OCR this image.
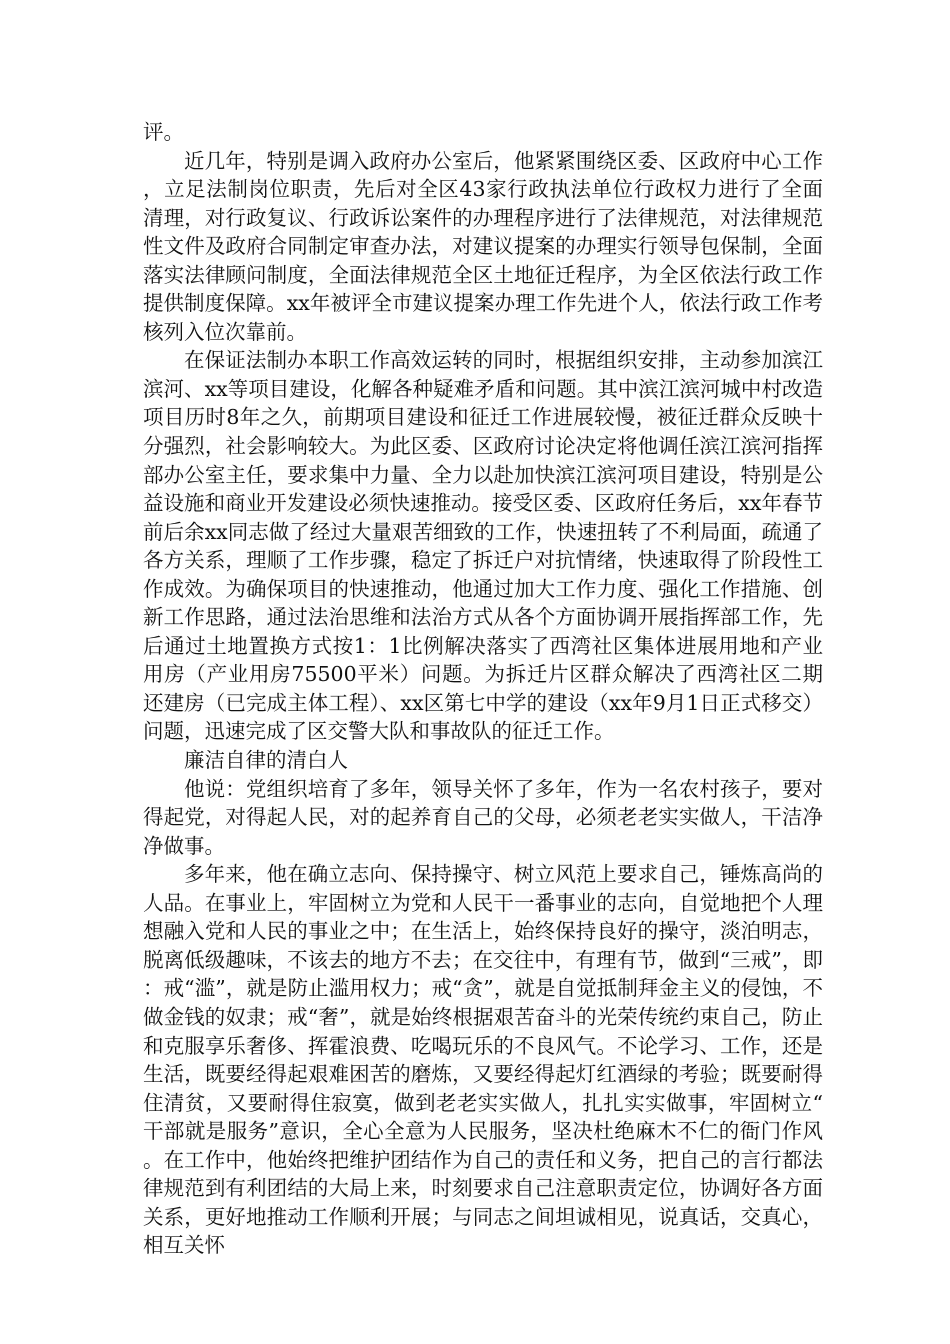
评。

近几年，特别是调入政府办公室后，他紧紧围绕区委、区政府中心工作，立足法制岗位职责，先后对全区43家行政执法单位行政权力进行了全面清理，对行政复议、行政诉讼案件的办理程序进行了法律规范，对法律规范性文件及政府合同制定审查办法，对建议提案的办理实行领导包保制，全面落实法律顾问制度，全面法律规范全区土地征迁程序，为全区依法行政工作提供制度保障。xx年被评全市建议提案办理工作先进个人，依法行政工作考核列入位次靠前。

在保证法制办本职工作高效运转的同时，根据组织安排，主动参加滨江滨河、xx等项目建设，化解各种疑难矛盾和问题。其中滨江滨河城中村改造项目历时8年之久，前期项目建设和征迁工作进展较慢，被征迁群众反映十分强烈，社会影响较大。为此区委、区政府讨论决定将他调任滨江滨河指挥部办公室主任，要求集中力量、全力以赴加快滨江滨河项目建设，特别是公益设施和商业开发建设必须快速推动。接受区委、区政府任务后，xx年春节前后余xx同志做了经过大量艰苦细致的工作，快速扭转了不利局面，疏通了各方关系，理顺了工作步骤，稳定了拆迁户对抗情绪，快速取得了阶段性工作成效。为确保项目的快速推动，他通过加大工作力度、强化工作措施、创新工作思路，通过法治思维和法治方式从各个方面协调开展指挥部工作，先后通过土地置换方式按1：1比例解决落实了西湾社区集体进展用地和产业用房（产业用房75500平米）问题。为拆迁片区群众解决了西湾社区二期还建房（已完成主体工程）、xx区第七中学的建设（xx年9月1日正式移交）问题，迅速完成了区交警大队和事故队的征迁工作。

廉洁自律的清白人

他说：党组织培育了多年，领导关怀了多年，作为一名农村孩子，要对得起党，对得起人民，对的起养育自己的父母，必须老老实实做人，干洁净净做事。

多年来，他在确立志向、保持操守、树立风范上要求自己，锤炼高尚的人品。在事业上，牢固树立为党和人民干一番事业的志向，自觉地把个人理想融入党和人民的事业之中；在生活上，始终保持良好的操守，淡泊明志，脱离低级趣味，不该去的地方不去；在交往中，有理有节，做到“三戒”，即：戒“滥”，就是防止滥用权力；戒“贪”，就是自觉抵制拜金主义的侵蚀，不做金钱的奴隶；戒“奢”，就是始终根据艰苦奋斗的光荣传统约束自己，防止和克服享乐奢侈、挥霍浪费、吃喝玩乐的不良风气。不论学习、工作，还是生活，既要经得起艰难困苦的磨炼，又要经得起灯红酒绿的考验；既要耐得住清贫，又要耐得住寂寞，做到老老实实做人，扎扎实实做事，牢固树立“干部就是服务”意识，全心全意为人民服务，坚决杜绝麻木不仁的衙门作风。在工作中，他始终把维护团结作为自己的责任和义务，把自己的言行都法律规范到有利团结的大局上来，时刻要求自己注意职责定位，协调好各方面关系，更好地推动工作顺利开展；与同志之间坦诚相见，说真话，交真心，相互关怀
